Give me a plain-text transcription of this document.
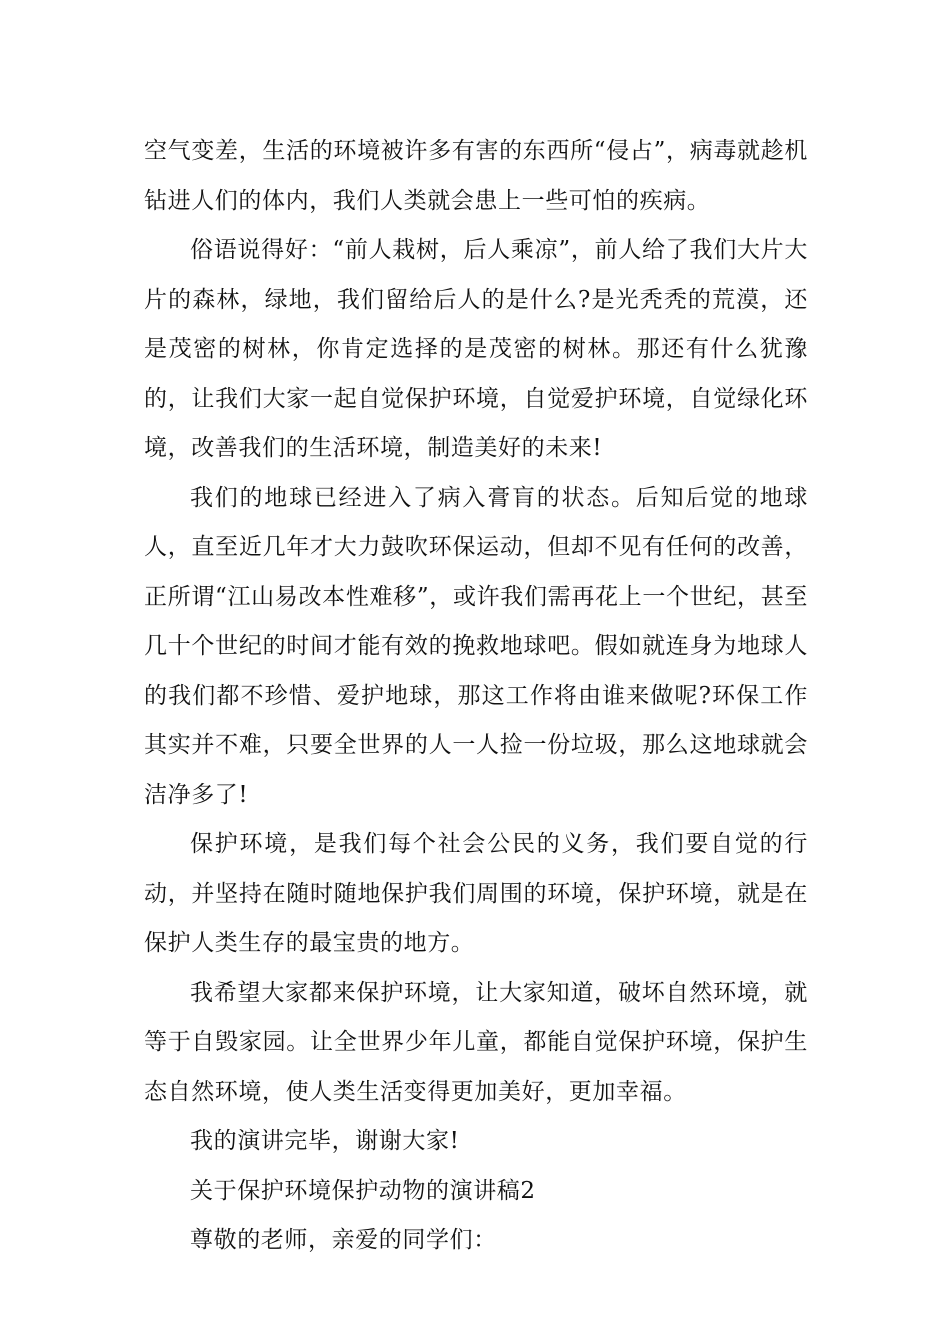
空气变差，生活的环境被许多有害的东西所“侵占”，病毒就趁机钻进人们的体内，我们人类就会患上一些可怕的疾病。

俗语说得好：“前人栽树，后人乘凉”，前人给了我们大片大片的森林，绿地，我们留给后人的是什么?是光秃秃的荒漠，还是茂密的树林，你肯定选择的是茂密的树林。那还有什么犹豫的，让我们大家一起自觉保护环境，自觉爱护环境，自觉绿化环境，改善我们的生活环境，制造美好的未来!

我们的地球已经进入了病入膏肓的状态。后知后觉的地球人，直至近几年才大力鼓吹环保运动，但却不见有任何的改善，正所谓“江山易改本性难移”，或许我们需再花上一个世纪，甚至几十个世纪的时间才能有效的挽救地球吧。假如就连身为地球人的我们都不珍惜、爱护地球，那这工作将由谁来做呢?环保工作其实并不难，只要全世界的人一人捡一份垃圾，那么这地球就会洁净多了!

保护环境，是我们每个社会公民的义务，我们要自觉的行动，并坚持在随时随地保护我们周围的环境，保护环境，就是在保护人类生存的最宝贵的地方。

我希望大家都来保护环境，让大家知道，破坏自然环境，就等于自毁家园。让全世界少年儿童，都能自觉保护环境，保护生态自然环境，使人类生活变得更加美好，更加幸福。

我的演讲完毕，谢谢大家!

关于保护环境保护动物的演讲稿2

尊敬的老师，亲爱的同学们：
